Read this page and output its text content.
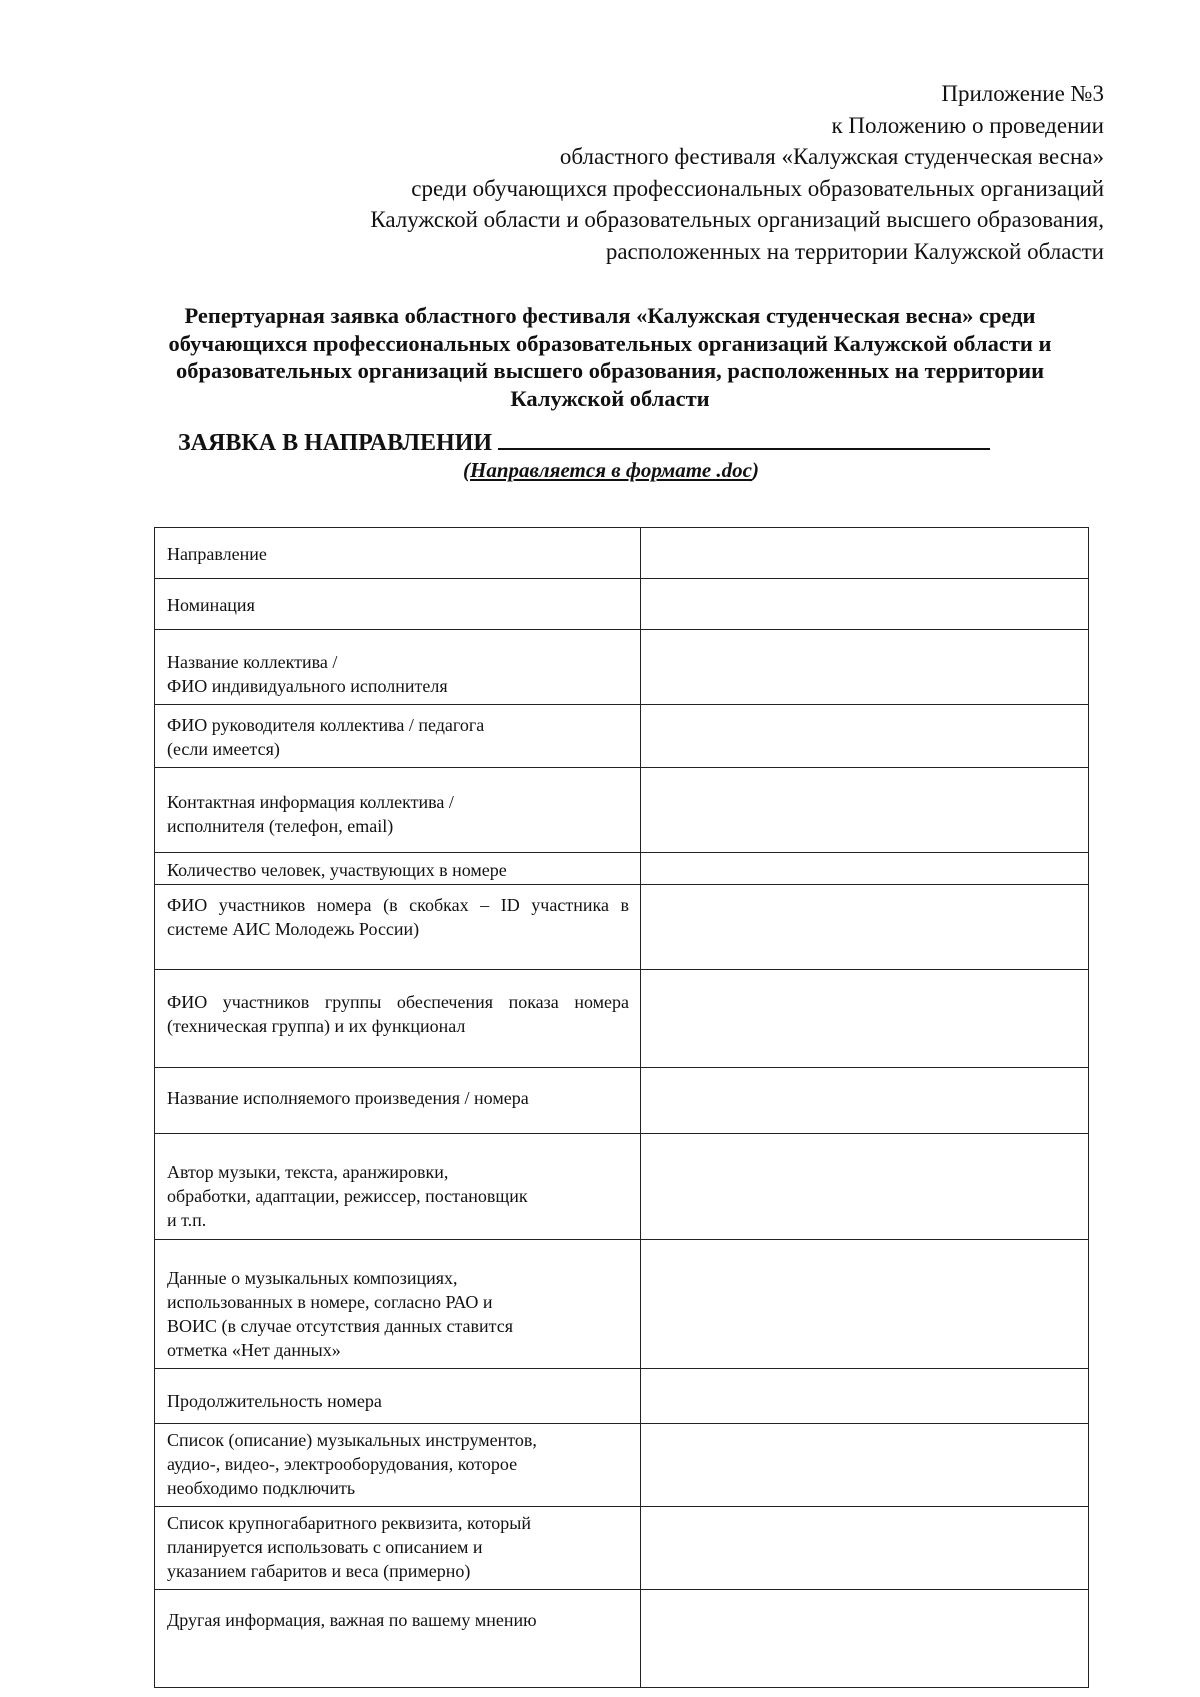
Приложение №3
к Положению о проведении
областного фестиваля «Калужская студенческая весна»
среди обучающихся профессиональных образовательных организаций
Калужской области и образовательных организаций высшего образования,
расположенных на территории Калужской области
Репертуарная заявка областного фестиваля «Калужская студенческая весна» среди
обучающихся профессиональных образовательных организаций Калужской области и
образовательных организаций высшего образования, расположенных на территории
Калужской области
ЗАЯВКА В НАПРАВЛЕНИИ
(Направляется в формате .doc)
Направление	

Номинация	

Название коллектива /
ФИО индивидуального исполнителя	

ФИО руководителя коллектива / педагога
(если имеется)	

Контактная информация коллектива /
исполнителя (телефон, email)	

Количество человек, участвующих в номере	

ФИО участников номера (в скобках – ID участника в системе АИС Молодежь России)	

ФИО участников группы обеспечения показа номера (техническая группа) и их функционал	

Название исполняемого произведения / номера	

Автор музыки, текста, аранжировки,
обработки, адаптации, режиссер, постановщик
и т.п.	

Данные о музыкальных композициях,
использованных в номере, согласно РАО и
ВОИС (в случае отсутствия данных ставится
отметка «Нет данных»	

Продолжительность номера	

Список (описание) музыкальных инструментов,
аудио-, видео-, электрооборудования, которое
необходимо подключить	

Список крупногабаритного реквизита, который
планируется использовать с описанием и
указанием габаритов и веса (примерно)	

Другая информация, важная по вашему мнению	
